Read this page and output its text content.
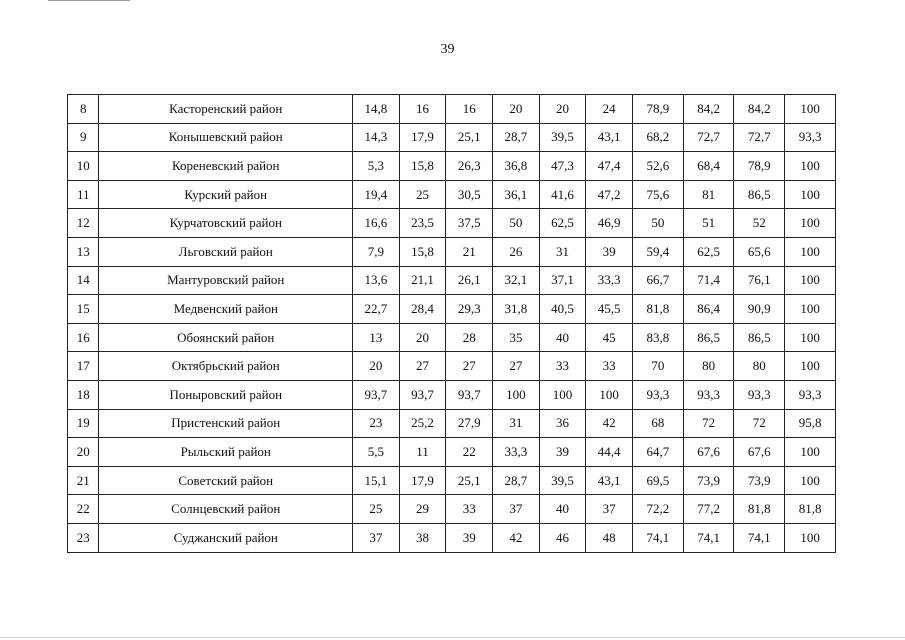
39
8	Касторенский район	14,8	16	16	20	20	24	78,9	84,2	84,2	100
9	Конышевский район	14,3	17,9	25,1	28,7	39,5	43,1	68,2	72,7	72,7	93,3
10	Кореневский район	5,3	15,8	26,3	36,8	47,3	47,4	52,6	68,4	78,9	100
11	Курский район	19,4	25	30,5	36,1	41,6	47,2	75,6	81	86,5	100
12	Курчатовский район	16,6	23,5	37,5	50	62,5	46,9	50	51	52	100
13	Льговский район	7,9	15,8	21	26	31	39	59,4	62,5	65,6	100
14	Мантуровский район	13,6	21,1	26,1	32,1	37,1	33,3	66,7	71,4	76,1	100
15	Медвенский район	22,7	28,4	29,3	31,8	40,5	45,5	81,8	86,4	90,9	100
16	Обоянский район	13	20	28	35	40	45	83,8	86,5	86,5	100
17	Октябрьский район	20	27	27	27	33	33	70	80	80	100
18	Поныровский район	93,7	93,7	93,7	100	100	100	93,3	93,3	93,3	93,3
19	Пристенский район	23	25,2	27,9	31	36	42	68	72	72	95,8
20	Рыльский район	5,5	11	22	33,3	39	44,4	64,7	67,6	67,6	100
21	Советский район	15,1	17,9	25,1	28,7	39,5	43,1	69,5	73,9	73,9	100
22	Солнцевский район	25	29	33	37	40	37	72,2	77,2	81,8	81,8
23	Суджанский район	37	38	39	42	46	48	74,1	74,1	74,1	100
